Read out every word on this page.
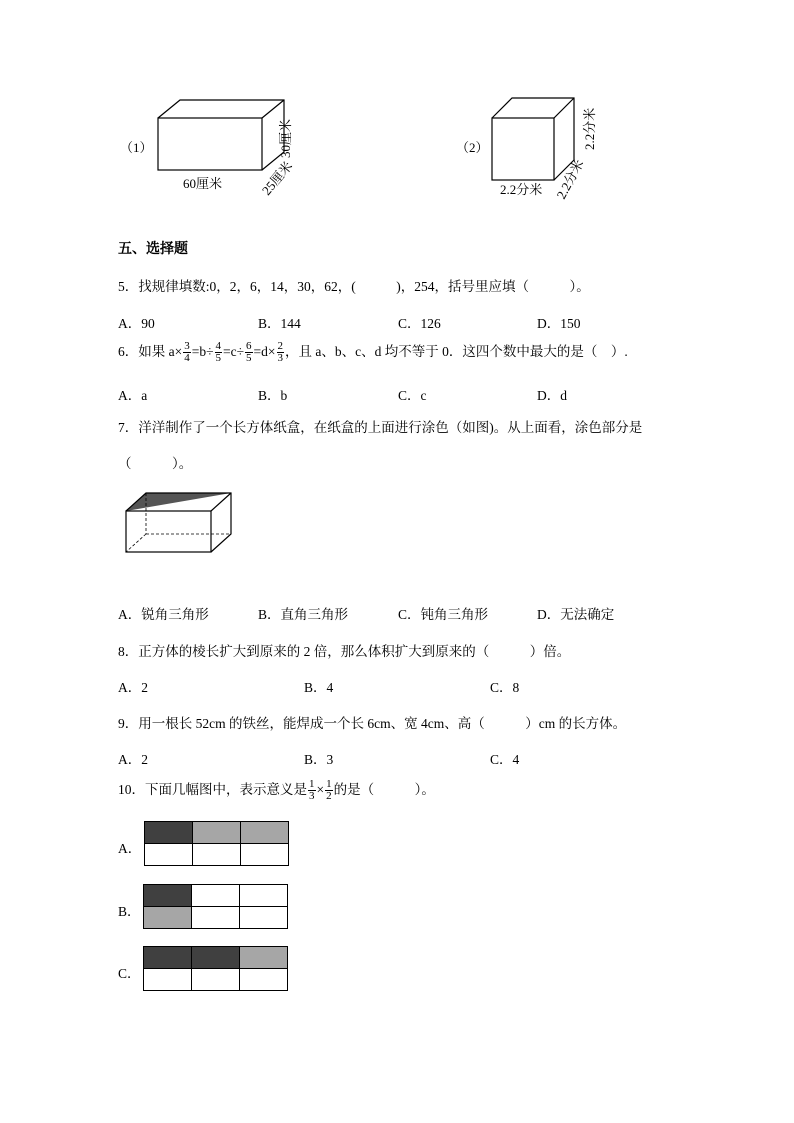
（1）
60厘米
30厘米
25厘米
（2）
2.2分米
2.2分米
2.2分米
五、选择题
5．找规律填数:0，2，6，14，30，62，(　　　)，254，括号里应填（　　　）。
A．90	B．144	C．126	D．150
6．如果 $a\times \frac{3}{4} =b\div \frac{4}{5} =c\div \frac{6}{5} =d\times \frac{2}{3}$ ，且 a、b、c、d 均不等于 0．这四个数中最大的是（　）.
A．a	B．b	C．c	D．d
7．洋洋制作了一个长方体纸盒，在纸盒的上面进行涂色（如图)。从上面看，涂色部分是
（　　　）。
A．锐角三角形	B．直角三角形	C．钝角三角形	D．无法确定
8．正方体的棱长扩大到原来的 2 倍，那么体积扩大到原来的（　　　）倍。
A．2	B．4	C．8
9．用一根长 52cm 的铁丝，能焊成一个长 6cm、宽 4cm、高（　　　）cm 的长方体。
A．2	B．3	C．4
10．下面几幅图中，表示意义是 $\frac{1}{3} \times \frac{1}{2}$ 的是（　　　）。
A．

B．

C．
